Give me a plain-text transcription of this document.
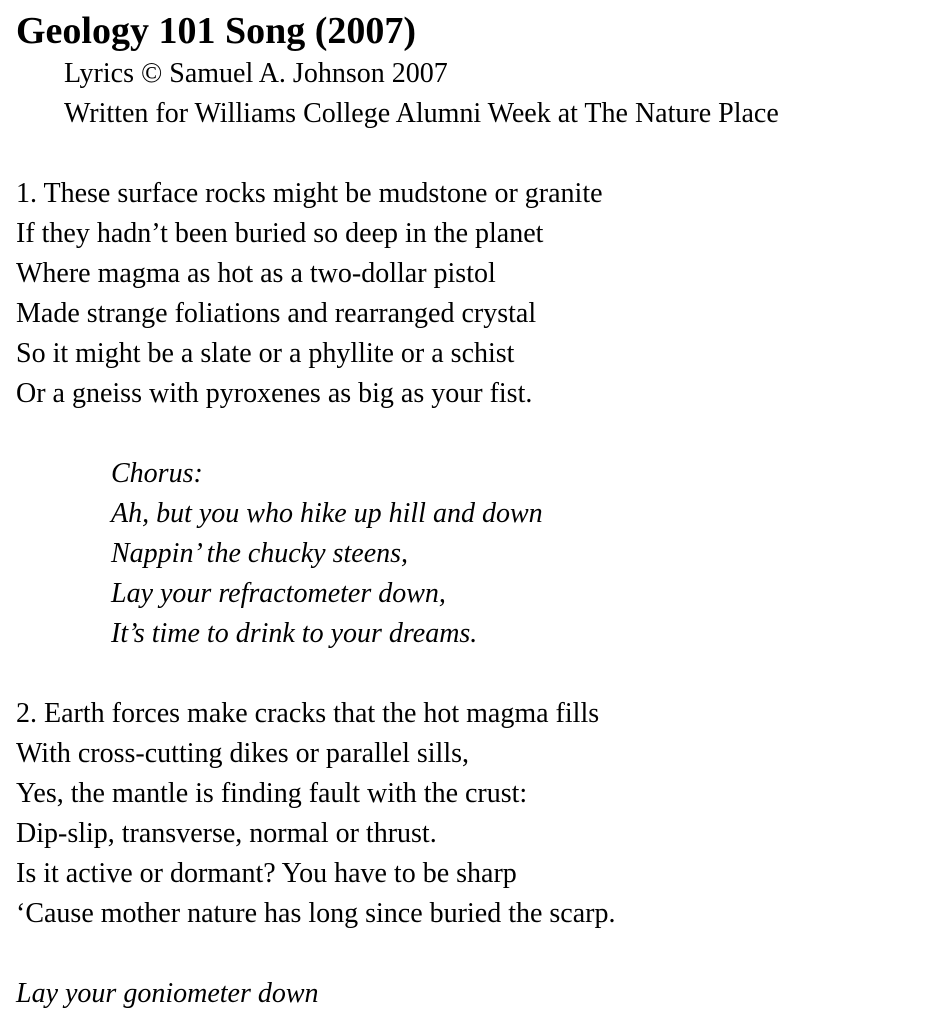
Geology 101 Song (2007)
Lyrics © Samuel A. Johnson 2007
Written for Williams College Alumni Week at The Nature Place
1. These surface rocks might be mudstone or granite
If they hadn’t been buried so deep in the planet
Where magma as hot as a two-dollar pistol
Made strange foliations and rearranged crystal
So it might be a slate or a phyllite or a schist
Or a gneiss with pyroxenes as big as your fist.
Chorus:
Ah, but you who hike up hill and down
Nappin’ the chucky steens,
Lay your refractometer down,
It’s time to drink to your dreams.
2. Earth forces make cracks that the hot magma fills
With cross-cutting dikes or parallel sills,
Yes, the mantle is finding fault with the crust:
Dip-slip, transverse, normal or thrust.
Is it active or dormant? You have to be sharp
‘Cause mother nature has long since buried the scarp.
Lay your goniometer down
